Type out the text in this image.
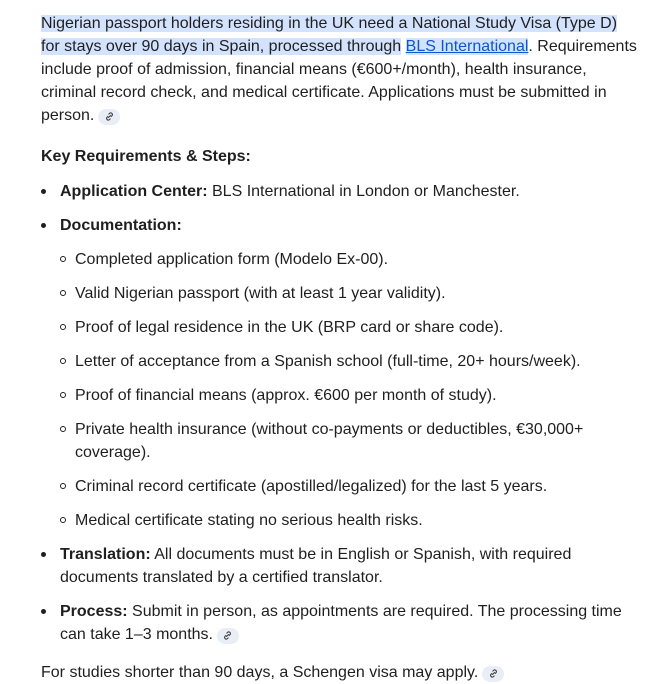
Nigerian passport holders residing in the UK need a National Study Visa (Type D) for stays over 90 days in Spain, processed through BLS International. Requirements include proof of admission, financial means (€600+/month), health insurance, criminal record check, and medical certificate. Applications must be submitted in person.

Key Requirements & Steps:

Application Center: BLS International in London or Manchester.
Documentation:
Completed application form (Modelo Ex-00).
Valid Nigerian passport (with at least 1 year validity).
Proof of legal residence in the UK (BRP card or share code).
Letter of acceptance from a Spanish school (full-time, 20+ hours/week).
Proof of financial means (approx. €600 per month of study).
Private health insurance (without co-payments or deductibles, €30,000+ coverage).
Criminal record certificate (apostilled/legalized) for the last 5 years.
Medical certificate stating no serious health risks.
Translation: All documents must be in English or Spanish, with required documents translated by a certified translator.
Process: Submit in person, as appointments are required. The processing time can take 1–3 months.

For studies shorter than 90 days, a Schengen visa may apply.
